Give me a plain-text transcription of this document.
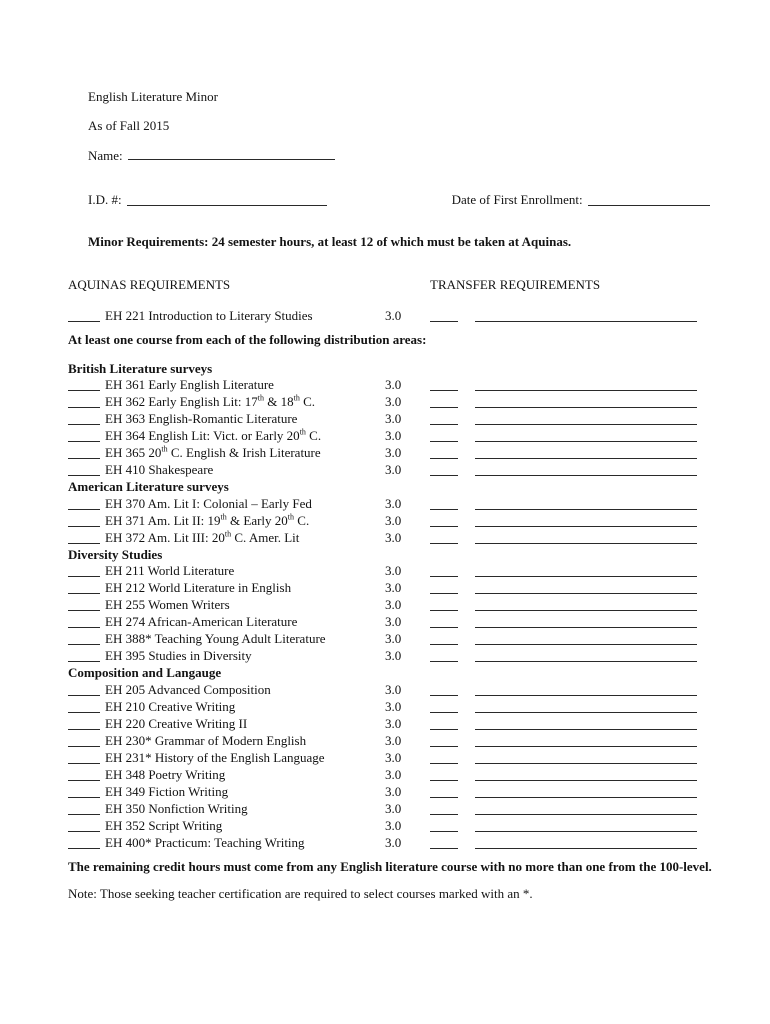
English Literature Minor
As of Fall 2015
Name:
I.D. #:	Date of First Enrollment:
Minor Requirements: 24 semester hours, at least 12 of which must be taken at Aquinas.
AQUINAS REQUIREMENTS	TRANSFER REQUIREMENTS
EH 221 Introduction to Literary Studies	3.0
At least one course from each of the following distribution areas:
British Literature surveys
EH 361 Early English Literature	3.0
EH 362 Early English Lit: 17th & 18th C.	3.0
EH 363 English-Romantic Literature	3.0
EH 364 English Lit: Vict. or Early 20th C.	3.0
EH 365 20th C. English & Irish Literature	3.0
EH 410 Shakespeare	3.0
American Literature surveys
EH 370 Am. Lit I: Colonial – Early Fed	3.0
EH 371 Am. Lit II: 19th & Early 20th C.	3.0
EH 372 Am. Lit III: 20th C. Amer. Lit	3.0
Diversity Studies
EH 211 World Literature	3.0
EH 212 World Literature in English	3.0
EH 255 Women Writers	3.0
EH 274 African-American Literature	3.0
EH 388* Teaching Young Adult Literature	3.0
EH 395 Studies in Diversity	3.0
Composition and Langauge
EH 205 Advanced Composition	3.0
EH 210 Creative Writing	3.0
EH 220 Creative Writing II	3.0
EH 230* Grammar of Modern English	3.0
EH 231* History of the English Language	3.0
EH 348 Poetry Writing	3.0
EH 349 Fiction Writing	3.0
EH 350 Nonfiction Writing	3.0
EH 352 Script Writing	3.0
EH 400* Practicum: Teaching Writing	3.0
The remaining credit hours must come from any English literature course with no more than one from the 100-level.
Note: Those seeking teacher certification are required to select courses marked with an *.
